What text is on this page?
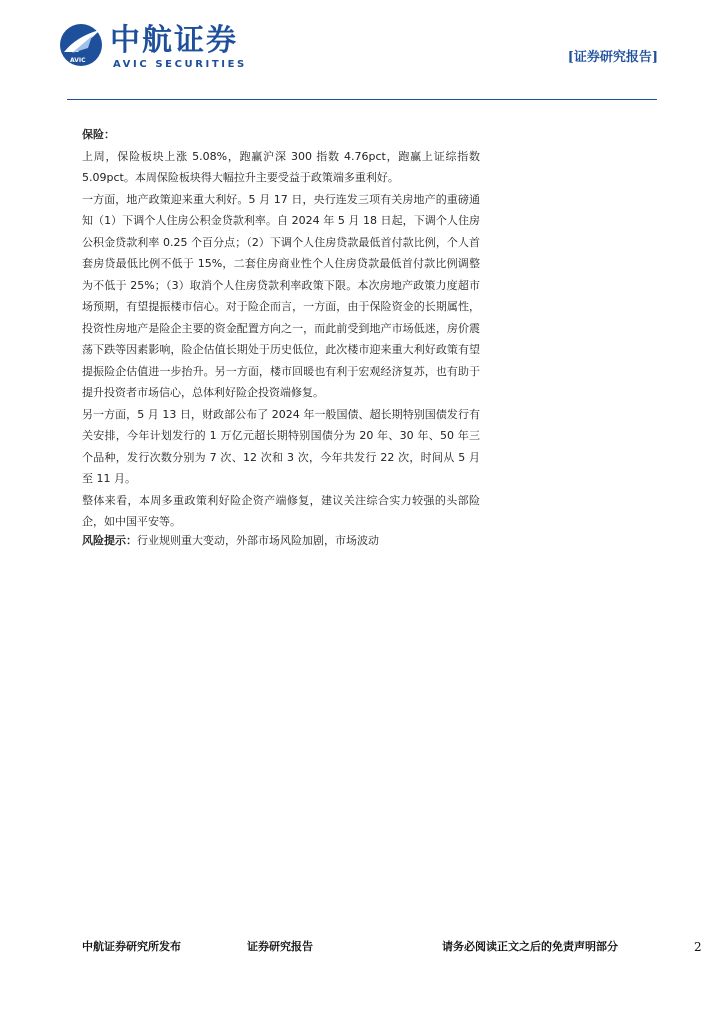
AVIC
中航证券
AVIC SECURITIES	[证券研究报告]

保险：

上周，保险板块上涨 5.08%，跑赢沪深 300 指数 4.76pct，跑赢上证综指数 5.09pct。本周保险板块得大幅拉升主要受益于政策端多重利好。

一方面，地产政策迎来重大利好。5 月 17 日，央行连发三项有关房地产的重磅通知（1）下调个人住房公积金贷款利率。自 2024 年 5 月 18 日起，下调个人住房公积金贷款利率 0.25 个百分点；（2）下调个人住房贷款最低首付款比例，个人首套房贷最低比例不低于 15%，二套住房商业性个人住房贷款最低首付款比例调整为不低于 25%；（3）取消个人住房贷款利率政策下限。本次房地产政策力度超市场预期，有望提振楼市信心。对于险企而言，一方面，由于保险资金的长期属性，投资性房地产是险企主要的资金配置方向之一，而此前受到地产市场低迷，房价震荡下跌等因素影响，险企估值长期处于历史低位，此次楼市迎来重大利好政策有望提振险企估值进一步抬升。另一方面，楼市回暖也有利于宏观经济复苏，也有助于提升投资者市场信心，总体利好险企投资端修复。

另一方面，5 月 13 日，财政部公布了 2024 年一般国债、超长期特别国债发行有关安排，今年计划发行的 1 万亿元超长期特别国债分为 20 年、30 年、50 年三个品种，发行次数分别为 7 次、12 次和 3 次，今年共发行 22 次，时间从 5 月至 11 月。

整体来看，本周多重政策利好险企资产端修复，建议关注综合实力较强的头部险企，如中国平安等。

风险提示：行业规则重大变动，外部市场风险加剧，市场波动
中航证券研究所发布	证券研究报告	请务必阅读正文之后的免责声明部分	2
